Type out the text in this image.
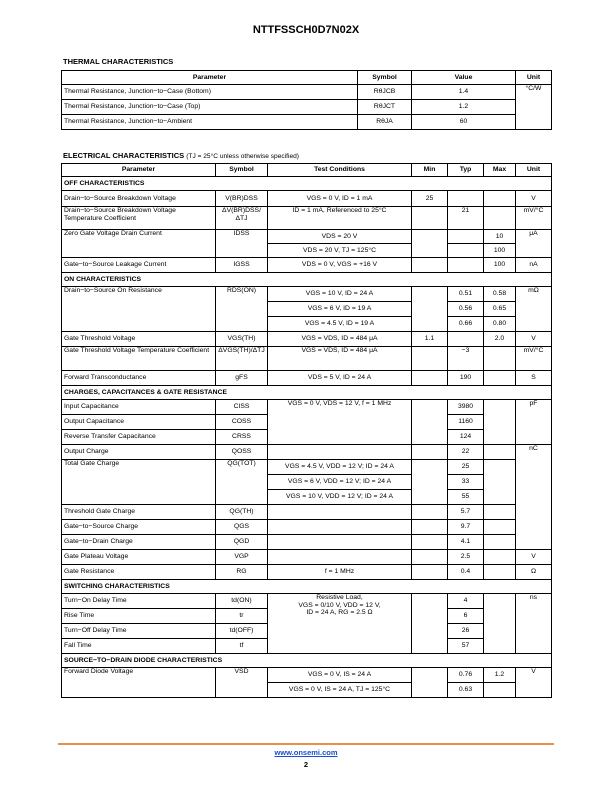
NTTFSSCH0D7N02X
THERMAL CHARACTERISTICS
Parameter	Symbol	Value	Unit
Thermal Resistance, Junction−to−Case (Bottom)	RθJCB	1.4	°C/W
Thermal Resistance, Junction−to−Case (Top)	RθJCT	1.2	
Thermal Resistance, Junction−to−Ambient	RθJA	60	
ELECTRICAL CHARACTERISTICS (TJ = 25°C unless otherwise specified)
Parameter	Symbol	Test Conditions	Min	Typ	Max	Unit
OFF CHARACTERISTICS						
Drain−to−Source Breakdown Voltage	V(BR)DSS	VGS = 0 V, ID = 1 mA	25			V
Drain−to−Source Breakdown Voltage Temperature Coefficient	ΔV(BR)DSS/ΔTJ	ID = 1 mA, Referenced to 25°C		21		mV/°C
Zero Gate Voltage Drain Current	IDSS	VDS = 20 V			10	μA
		VDS = 20 V, TJ = 125°C			100	
Gate−to−Source Leakage Current	IGSS	VDS = 0 V, VGS = +16 V			100	nA
ON CHARACTERISTICS						
Drain−to−Source On Resistance	RDS(ON)	VGS = 10 V, ID = 24 A		0.51	0.58	mΩ
		VGS = 6 V, ID = 19 A		0.56	0.65	
		VGS = 4.5 V, ID = 19 A		0.66	0.80	
Gate Threshold Voltage	VGS(TH)	VGS = VDS, ID = 484 μA	1.1		2.0	V
Gate Threshold Voltage Temperature Coefficient	ΔVGS(TH)/ΔTJ	VGS = VDS, ID = 484 μA		−3		mV/°C
Forward Transconductance	gFS	VDS = 5 V, ID = 24 A		190		S
CHARGES, CAPACITANCES & GATE RESISTANCE						
Input Capacitance	CISS	VGS = 0 V, VDS = 12 V, f = 1 MHz		3980		pF
Output Capacitance	COSS			1160		
Reverse Transfer Capacitance	CRSS			124		
Output Charge	QOSS			22		nC
Total Gate Charge	QG(TOT)	VGS = 4.5 V, VDD = 12 V; ID = 24 A		25		
		VGS = 6 V, VDD = 12 V; ID = 24 A		33		
		VGS = 10 V, VDD = 12 V; ID = 24 A		55		
Threshold Gate Charge	QG(TH)			5.7		
Gate−to−Source Charge	QGS			9.7		
Gate−to−Drain Charge	QGD			4.1		
Gate Plateau Voltage	VGP			2.5		V
Gate Resistance	RG	f = 1 MHz		0.4		Ω
SWITCHING CHARACTERISTICS						
Turn−On Delay Time	td(ON)	Resistive Load,
VGS = 0/10 V, VDD = 12 V,
ID = 24 A, RG = 2.5 Ω		4		ns
Rise Time	tr			6		
Turn−Off Delay Time	td(OFF)			26		
Fall Time	tf			57		
SOURCE−TO−DRAIN DIODE CHARACTERISTICS						
Forward Diode Voltage	VSD	VGS = 0 V, IS = 24 A		0.76	1.2	V
		VGS = 0 V, IS = 24 A, TJ = 125°C		0.63		
www.onsemi.com
2
